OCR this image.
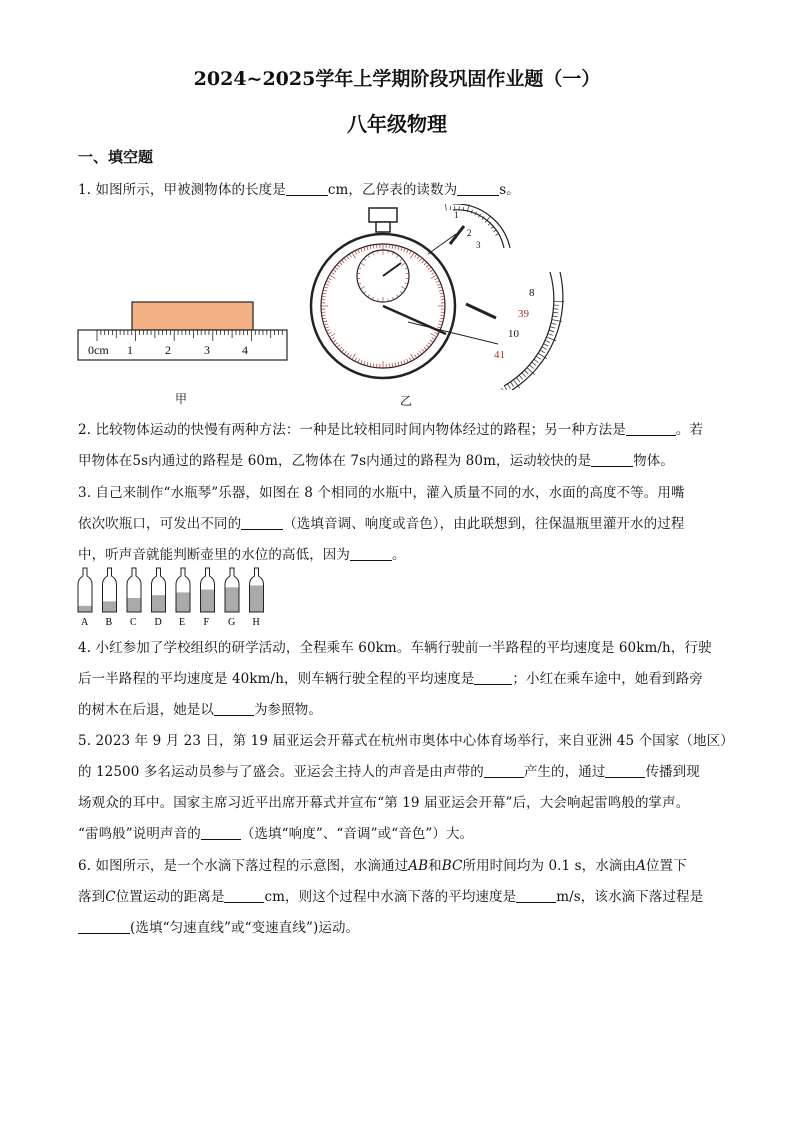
2024~2025学年上学期阶段巩固作业题（一）
八年级物理
一、填空题
1. 如图所示，甲被测物体的长度是	cm，乙停表的读数为	s。
0cm 1	2	3	4
甲
1
2
3
8
39
10
41
乙
2. 比较物体运动的快慢有两种方法：一种是比较相同时间内物体经过的路程；另一种方法是	。若
甲物体在5s内通过的路程是 60m，乙物体在 7s内通过的路程为 80m，运动较快的是	物体。
3. 自己来制作“水瓶琴”乐器，如图在 8 个相同的水瓶中，灌入质量不同的水，水面的高度不等。用嘴
依次吹瓶口，可发出不同的	（选填音调、响度或音色），由此联想到，往保温瓶里灌开水的过程
中，听声音就能判断壶里的水位的高低，因为	。
A B C D E F G H
4. 小红参加了学校组织的研学活动，全程乘车 60km。车辆行驶前一半路程的平均速度是 60km/h，行驶
后一半路程的平均速度是 40km/h，则车辆行驶全程的平均速度是	；小红在乘车途中，她看到路旁
的树木在后退，她是以	为参照物。
5. 2023 年 9 月 23 日，第 19 届亚运会开幕式在杭州市奥体中心体育场举行，来自亚洲 45 个国家（地区）
的 12500 多名运动员参与了盛会。亚运会主持人的声音是由声带的	产生的，通过	传播到现
场观众的耳中。国家主席习近平出席开幕式并宣布“第 19 届亚运会开幕”后，大会响起雷鸣般的掌声。
“雷鸣般”说明声音的	（选填“响度”、“音调”或“音色”）大。
6. 如图所示，是一个水滴下落过程的示意图，水滴通过AB和BC所用时间均为 0.1 s，水滴由A位置下
落到C位置运动的距离是	cm，则这个过程中水滴下落的平均速度是	m/s，该水滴下落过程是
(选填“匀速直线”或“变速直线”)运动。
